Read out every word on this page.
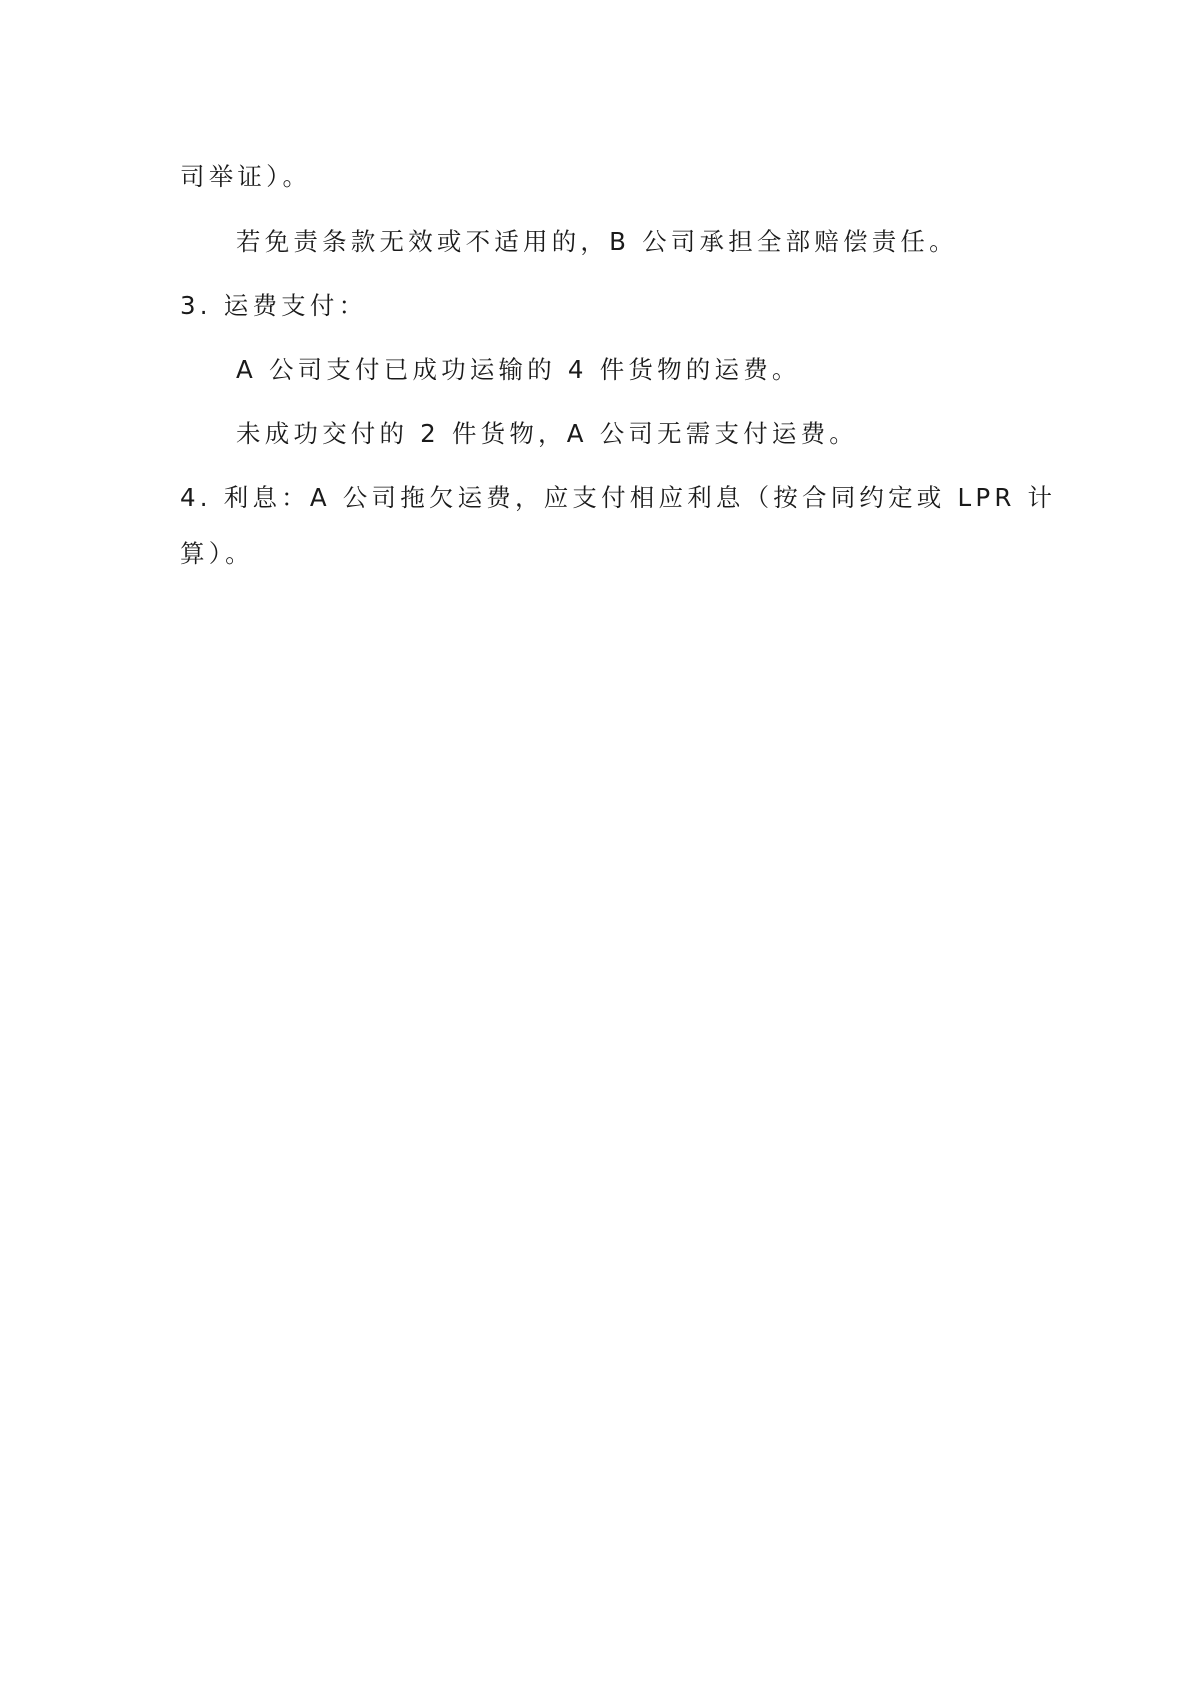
司举证）。
若免责条款无效或不适用的，B 公司承担全部赔偿责任。
3. 运费支付：
A 公司支付已成功运输的 4 件货物的运费。
未成功交付的 2 件货物，A 公司无需支付运费。
4. 利息：A 公司拖欠运费，应支付相应利息（按合同约定或 LPR 计
算）。
